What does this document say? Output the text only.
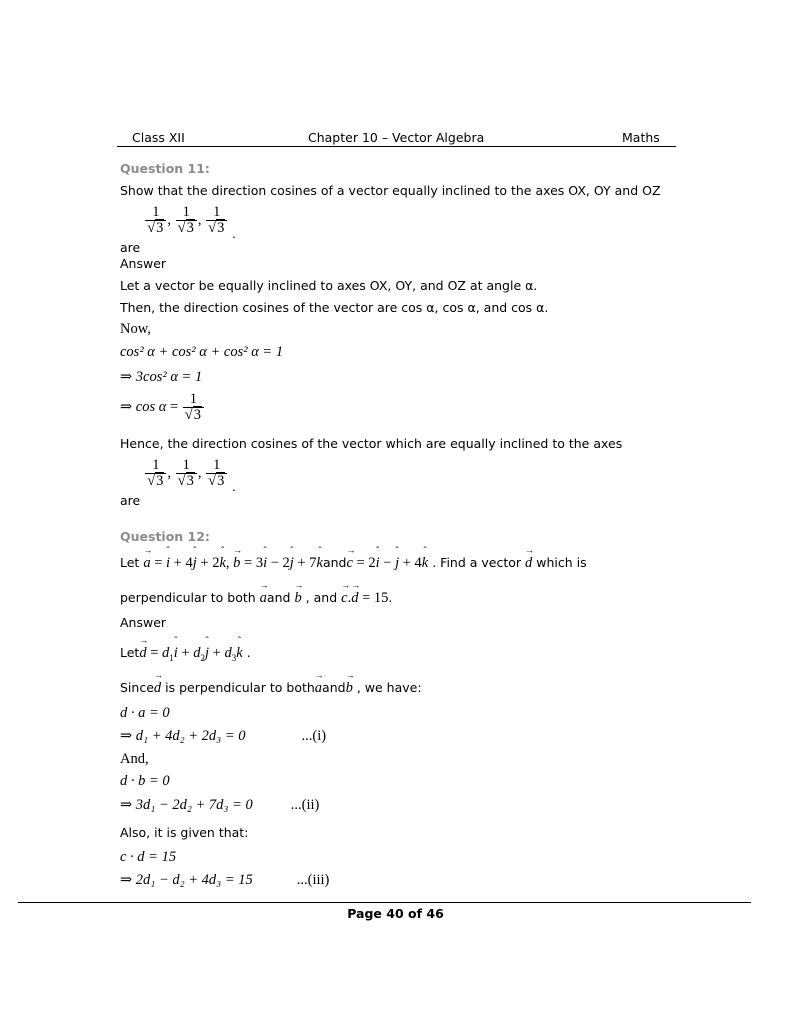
Class XII	Chapter 10 – Vector Algebra	Maths
Question 11:
Show that the direction cosines of a vector equally inclined to the axes OX, OY and OZ
are
$\frac{1}{√3}$ , $\frac{1}{√3}$ , $\frac{1}{√3}$ .
Answer
Let a vector be equally inclined to axes OX, OY, and OZ at angle α.
Then, the direction cosines of the vector are cos α, cos α, and cos α.
Now,
cos² α + cos² α + cos² α = 1
⇒ 3cos² α = 1
⇒ $\cos \alpha = \frac{1}{√3}$
Hence, the direction cosines of the vector which are equally inclined to the axes
are
$\frac{1}{√3}$ , $\frac{1}{√3}$ , $\frac{1}{√3}$ .
Question 12:
Let → a = ˆ i + 4ˆ j + 2ˆ k, → b = 3ˆ i − 2ˆ j + 7ˆ kand→ c = 2ˆ i − ˆ j + 4ˆ k . Find a vector → d which is
perpendicular to both → aand → b , and → c.→ d = 15.
Answer
$Let\to d = d_1ˆ$ $i + d_2ˆ$ $j + d_3ˆ$ k .
Since→ d is perpendicular to both→ aand→ b , we have:
d · a = 0
⇒ d₁ + 4d₂ + 2d₃ = 0	...(i)
And,
d · b = 0
⇒ 3d₁ − 2d₂ + 7d₃ = 0	...(ii)
Also, it is given that:
c · d = 15
⇒ 2d₁ − d₂ + 4d₃ = 15	...(iii)
Page 40 of 46
